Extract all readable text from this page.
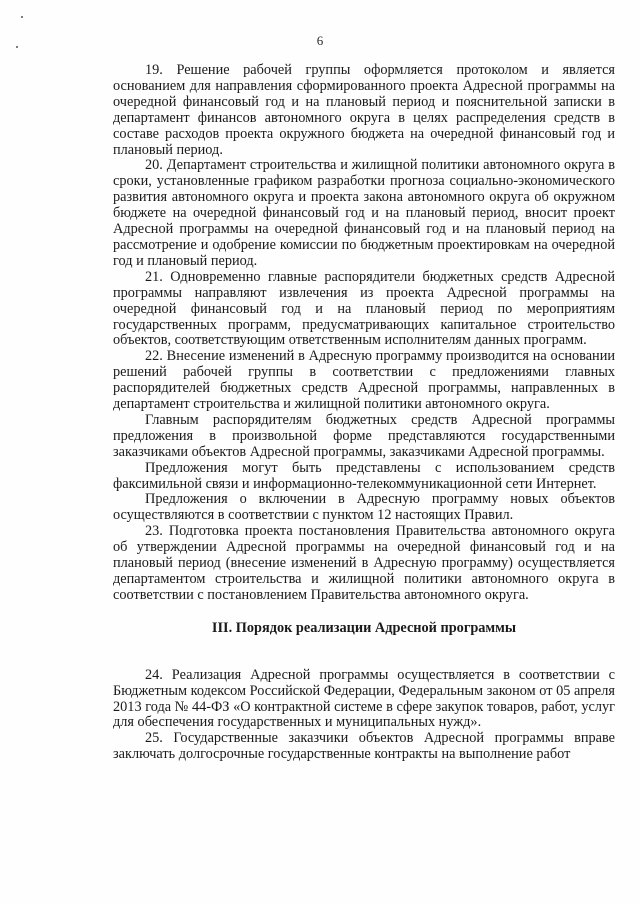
6

19. Решение рабочей группы оформляется протоколом и является основанием для направления сформированного проекта Адресной программы на очередной финансовый год и на плановый период и пояснительной записки в департамент финансов автономного округа в целях распределения средств в составе расходов проекта окружного бюджета на очередной финансовый год и плановый период.

20. Департамент строительства и жилищной политики автономного округа в сроки, установленные графиком разработки прогноза социально-экономического развития автономного округа и проекта закона автономного округа об окружном бюджете на очередной финансовый год и на плановый период, вносит проект Адресной программы на очередной финансовый год и на плановый период на рассмотрение и одобрение комиссии по бюджетным проектировкам на очередной год и плановый период.

21. Одновременно главные распорядители бюджетных средств Адресной программы направляют извлечения из проекта Адресной программы на очередной финансовый год и на плановый период по мероприятиям государственных программ, предусматривающих капитальное строительство объектов, соответствующим ответственным исполнителям данных программ.

22. Внесение изменений в Адресную программу производится на основании решений рабочей группы в соответствии с предложениями главных распорядителей бюджетных средств Адресной программы, направленных в департамент строительства и жилищной политики автономного округа.

Главным распорядителям бюджетных средств Адресной программы предложения в произвольной форме представляются государственными заказчиками объектов Адресной программы, заказчиками Адресной программы.

Предложения могут быть представлены с использованием средств факсимильной связи и информационно-телекоммуникационной сети Интернет.

Предложения о включении в Адресную программу новых объектов осуществляются в соответствии с пунктом 12 настоящих Правил.

23. Подготовка проекта постановления Правительства автономного округа об утверждении Адресной программы на очередной финансовый год и на плановый период (внесение изменений в Адресную программу) осуществляется департаментом строительства и жилищной политики автономного округа в соответствии с постановлением Правительства автономного округа.

III. Порядок реализации Адресной программы

24. Реализация Адресной программы осуществляется в соответствии с Бюджетным кодексом Российской Федерации, Федеральным законом от 05 апреля 2013 года № 44-ФЗ «О контрактной системе в сфере закупок товаров, работ, услуг для обеспечения государственных и муниципальных нужд».

25. Государственные заказчики объектов Адресной программы вправе заключать долгосрочные государственные контракты на выполнение работ
